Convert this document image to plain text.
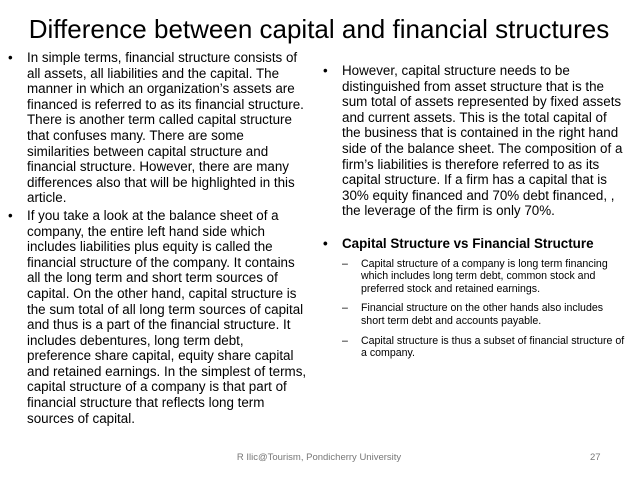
Difference between capital and financial structures
• In simple terms, financial structure consists of all assets, all liabilities and the capital. The manner in which an organization’s assets are financed is referred to as its financial structure. There is another term called capital structure that confuses many. There are some similarities between capital structure and financial structure. However, there are many differences also that will be highlighted in this article.
• If you take a look at the balance sheet of a company, the entire left hand side which includes liabilities plus equity is called the financial structure of the company. It contains all the long term and short term sources of capital. On the other hand, capital structure is the sum total of all long term sources of capital and thus is a part of the financial structure. It includes debentures, long term debt, preference share capital, equity share capital and retained earnings. In the simplest of terms, capital structure of a company is that part of financial structure that reflects long term sources of capital.
• However, capital structure needs to be distinguished from asset structure that is the sum total of assets represented by fixed assets and current assets. This is the total capital of the business that is contained in the right hand side of the balance sheet. The composition of a firm’s liabilities is therefore referred to as its capital structure. If a firm has a capital that is 30% equity financed and 70% debt financed, , the leverage of the firm is only 70%.
• Capital Structure vs Financial Structure
– Capital structure of a company is long term financing which includes long term debt, common stock and preferred stock and retained earnings.
– Financial structure on the other hands also includes short term debt and accounts payable.
– Capital structure is thus a subset of financial structure of a company.
R Ilic@Tourism, Pondicherry University	27
